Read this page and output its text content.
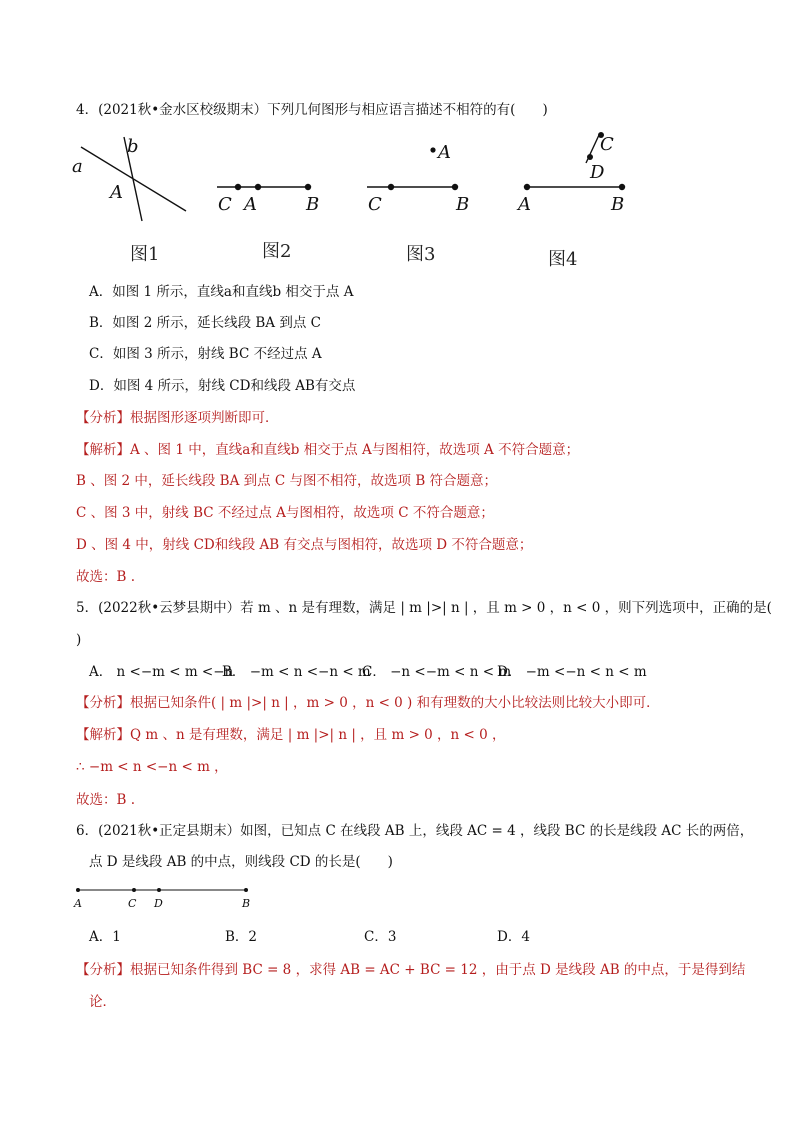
4．(2021秋•金水区校级期末）下列几何图形与相应语言描述不相符的有(　　)
a
b
A
图1
C A	B
图2
A
C	B
图3
C
D
A	B
图4
A．如图 1 所示，直线a和直线b 相交于点 A
B．如图 2 所示，延长线段 BA 到点 C
C．如图 3 所示，射线 BC 不经过点 A
D．如图 4 所示，射线 CD和线段 AB有交点
【分析】根据图形逐项判断即可．
【解析】A 、图 1 中，直线a和直线b 相交于点 A与图相符，故选项 A 不符合题意；
B 、图 2 中，延长线段 BA 到点 C 与图不相符，故选项 B 符合题意；
C 、图 3 中，射线 BC 不经过点 A与图相符，故选项 C 不符合题意；
D 、图 4 中，射线 CD和线段 AB 有交点与图相符，故选项 D 不符合题意；
故选：B .
5．(2022秋•云梦县期中）若 m 、n 是有理数，满足 | m |>| n | ，且 m > 0 ，n < 0 ，则下列选项中，正确的是(
)
A． n <−m < m <−n
B． −m < n <−n < m
C． −n <−m < n < m
D． −m <−n < n < m
【分析】根据已知条件( | m |>| n | ，m > 0 ，n < 0 ) 和有理数的大小比较法则比较大小即可．
【解析】Q m 、n 是有理数，满足 | m |>| n | ，且 m > 0 ，n < 0 ，
∴ −m < n <−n < m ，
故选：B .
6．(2021秋•正定县期末）如图，已知点 C 在线段 AB 上，线段 AC = 4 ，线段 BC 的长是线段 AC 长的两倍，
点 D 是线段 AB 的中点，则线段 CD 的长是(　　)
A	C D	B
A．1	B．2	C．3	D．4
【分析】根据已知条件得到 BC = 8 ，求得 AB = AC + BC = 12 ，由于点 D 是线段 AB 的中点，于是得到结
论．
